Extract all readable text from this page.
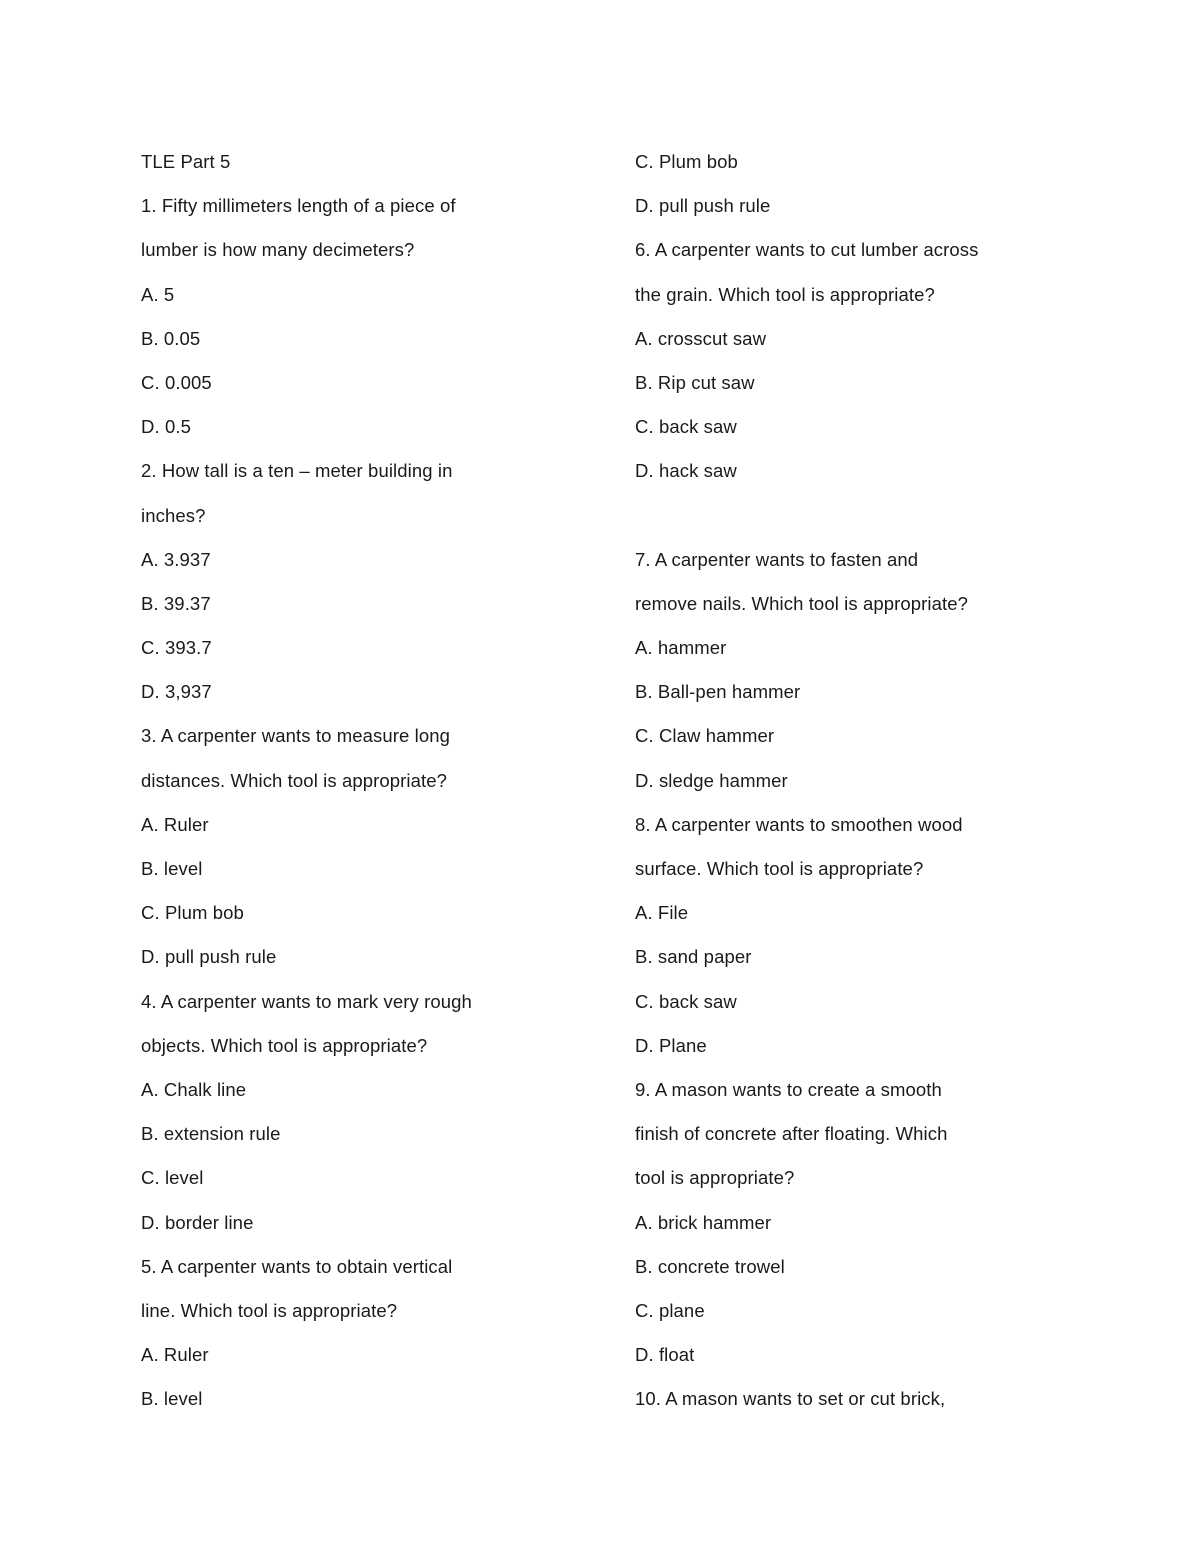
TLE Part 5
1. Fifty millimeters length of a piece of
lumber is how many decimeters?
A. 5
B. 0.05
C. 0.005
D. 0.5
2. How tall is a ten – meter building in
inches?
A. 3.937
B. 39.37
C. 393.7
D. 3,937
3. A carpenter wants to measure long
distances. Which tool is appropriate?
A. Ruler
B. level
C. Plum bob
D. pull push rule
4. A carpenter wants to mark very rough
objects. Which tool is appropriate?
A. Chalk line
B. extension rule
C. level
D. border line
5. A carpenter wants to obtain vertical
line. Which tool is appropriate?
A. Ruler
B. level
C. Plum bob
D. pull push rule
6. A carpenter wants to cut lumber across
the grain. Which tool is appropriate?
A. crosscut saw
B. Rip cut saw
C. back saw
D. hack saw
7. A carpenter wants to fasten and
remove nails. Which tool is appropriate?
A. hammer
B. Ball-pen hammer
C. Claw hammer
D. sledge hammer
8. A carpenter wants to smoothen wood
surface. Which tool is appropriate?
A. File
B. sand paper
C. back saw
D. Plane
9. A mason wants to create a smooth
finish of concrete after floating. Which
tool is appropriate?
A. brick hammer
B. concrete trowel
C. plane
D. float
10. A mason wants to set or cut brick,
